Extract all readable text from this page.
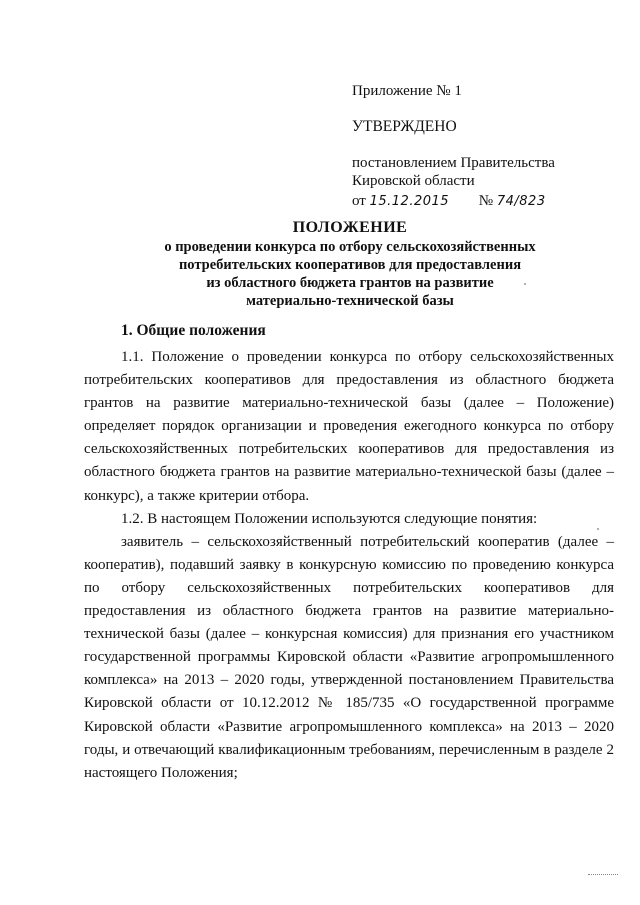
Приложение № 1
УТВЕРЖДЕНО
постановлением Правительства
Кировской области
от 15.12.2015 № 74/823
ПОЛОЖЕНИЕ
о проведении конкурса по отбору сельскохозяйственных
потребительских кооперативов для предоставления
из областного бюджета грантов на развитие
материально-технической базы
1. Общие положения

1.1. Положение о проведении конкурса по отбору сельскохозяйственных потребительских кооперативов для предоставления из областного бюджета грантов на развитие материально-технической базы (далее – Положение) определяет порядок организации и проведения ежегодного конкурса по отбору сельскохозяйственных потребительских кооперативов для предоставления из областного бюджета грантов на развитие материально-технической базы (далее – конкурс), а также критерии отбора.

1.2. В настоящем Положении используются следующие понятия:

заявитель – сельскохозяйственный потребительский кооператив (далее – кооператив), подавший заявку в конкурсную комиссию по проведению конкурса по отбору сельскохозяйственных потребительских кооперативов для предоставления из областного бюджета грантов на развитие материально-технической базы (далее – конкурсная комиссия) для признания его участником государственной программы Кировской области «Развитие агропромышленного комплекса» на 2013 – 2020 годы, утвержденной постановлением Правительства Кировской области от 10.12.2012 № 185/735 «О государственной программе Кировской области «Развитие агропромышленного комплекса» на 2013 – 2020 годы, и отвечающий квалификационным требованиям, перечисленным в разделе 2 настоящего Положения;
